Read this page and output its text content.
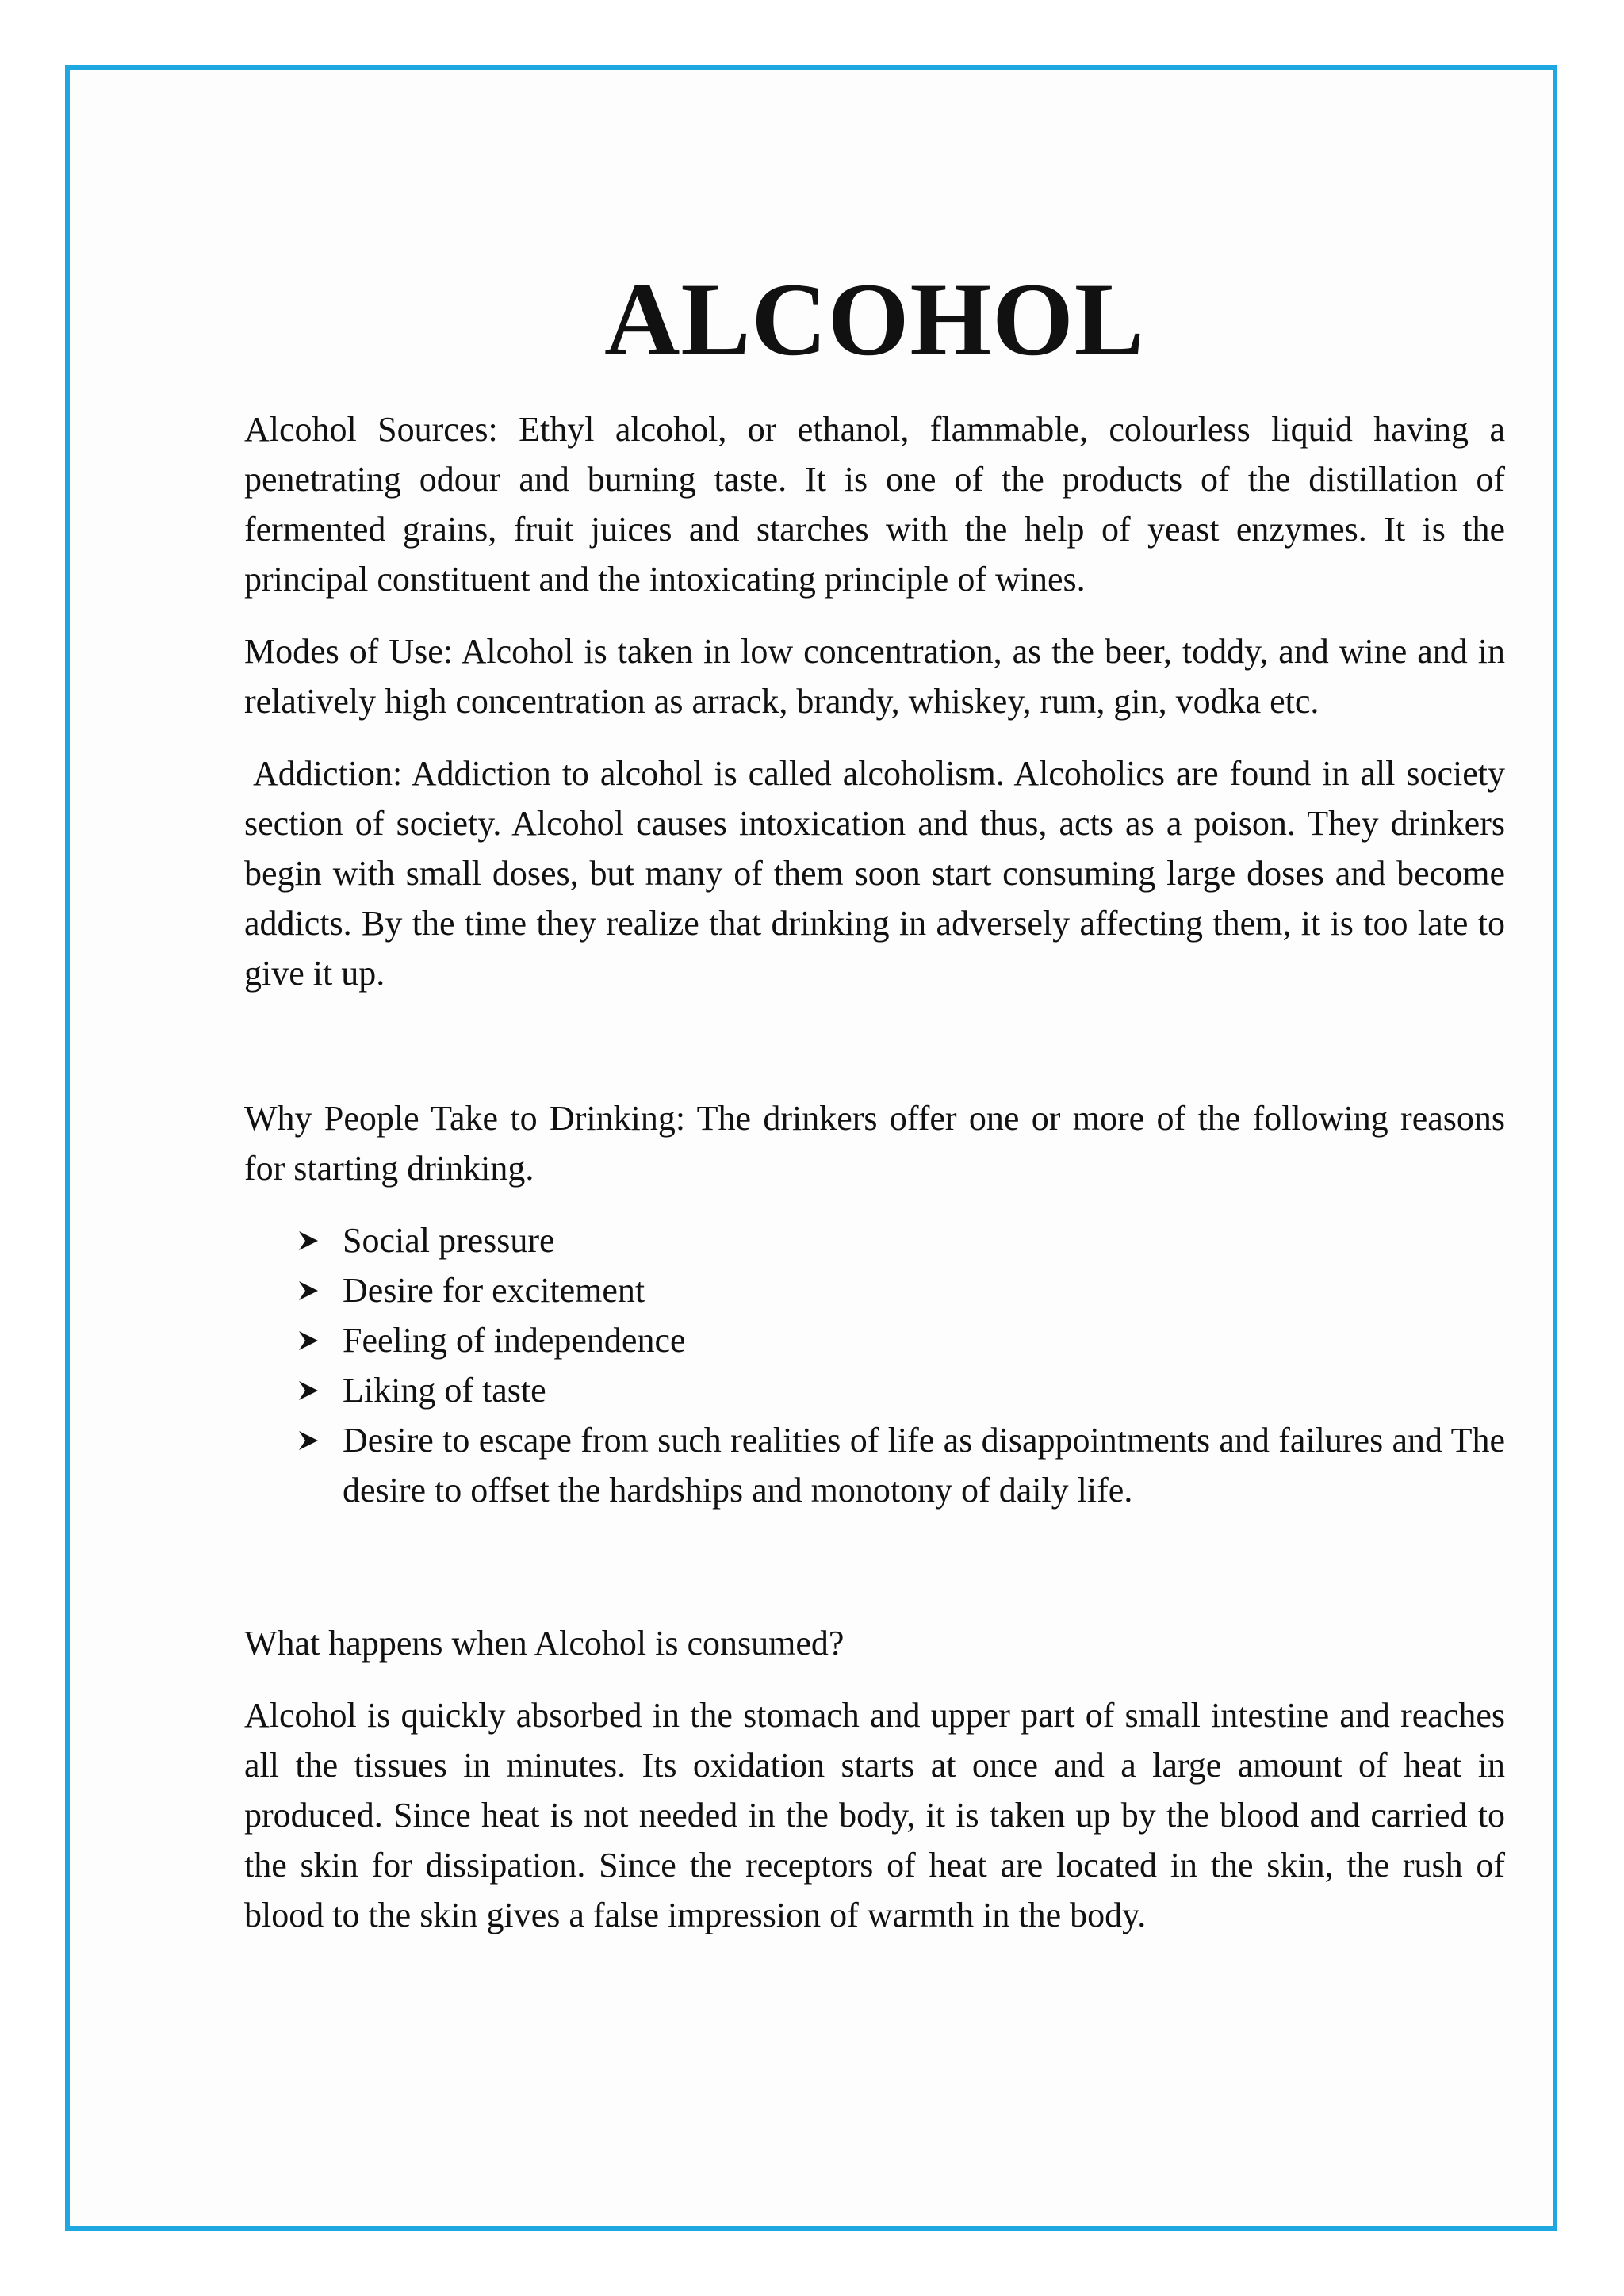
ALCOHOL

Alcohol Sources: Ethyl alcohol, or ethanol, flammable, colourless liquid having a penetrating odour and burning taste. It is one of the products of the distillation of fermented grains, fruit juices and starches with the help of yeast enzymes. It is the principal constituent and the intoxicating principle of wines.

Modes of Use: Alcohol is taken in low concentration, as the beer, toddy, and wine and in relatively high concentration as arrack, brandy, whiskey, rum, gin, vodka etc.

Addiction: Addiction to alcohol is called alcoholism. Alcoholics are found in all society section of society. Alcohol causes intoxication and thus, acts as a poison. They drinkers begin with small doses, but many of them soon start consuming large doses and become addicts. By the time they realize that drinking in adversely affecting them, it is too late to give it up.

Why People Take to Drinking: The drinkers offer one or more of the following reasons for starting drinking.

Social pressure
Desire for excitement
Feeling of independence
Liking of taste
Desire to escape from such realities of life as disappointments and failures and The desire to offset the hardships and monotony of daily life.

What happens when Alcohol is consumed?

Alcohol is quickly absorbed in the stomach and upper part of small intestine and reaches all the tissues in minutes. Its oxidation starts at once and a large amount of heat in produced. Since heat is not needed in the body, it is taken up by the blood and carried to the skin for dissipation. Since the receptors of heat are located in the skin, the rush of blood to the skin gives a false impression of warmth in the body.
